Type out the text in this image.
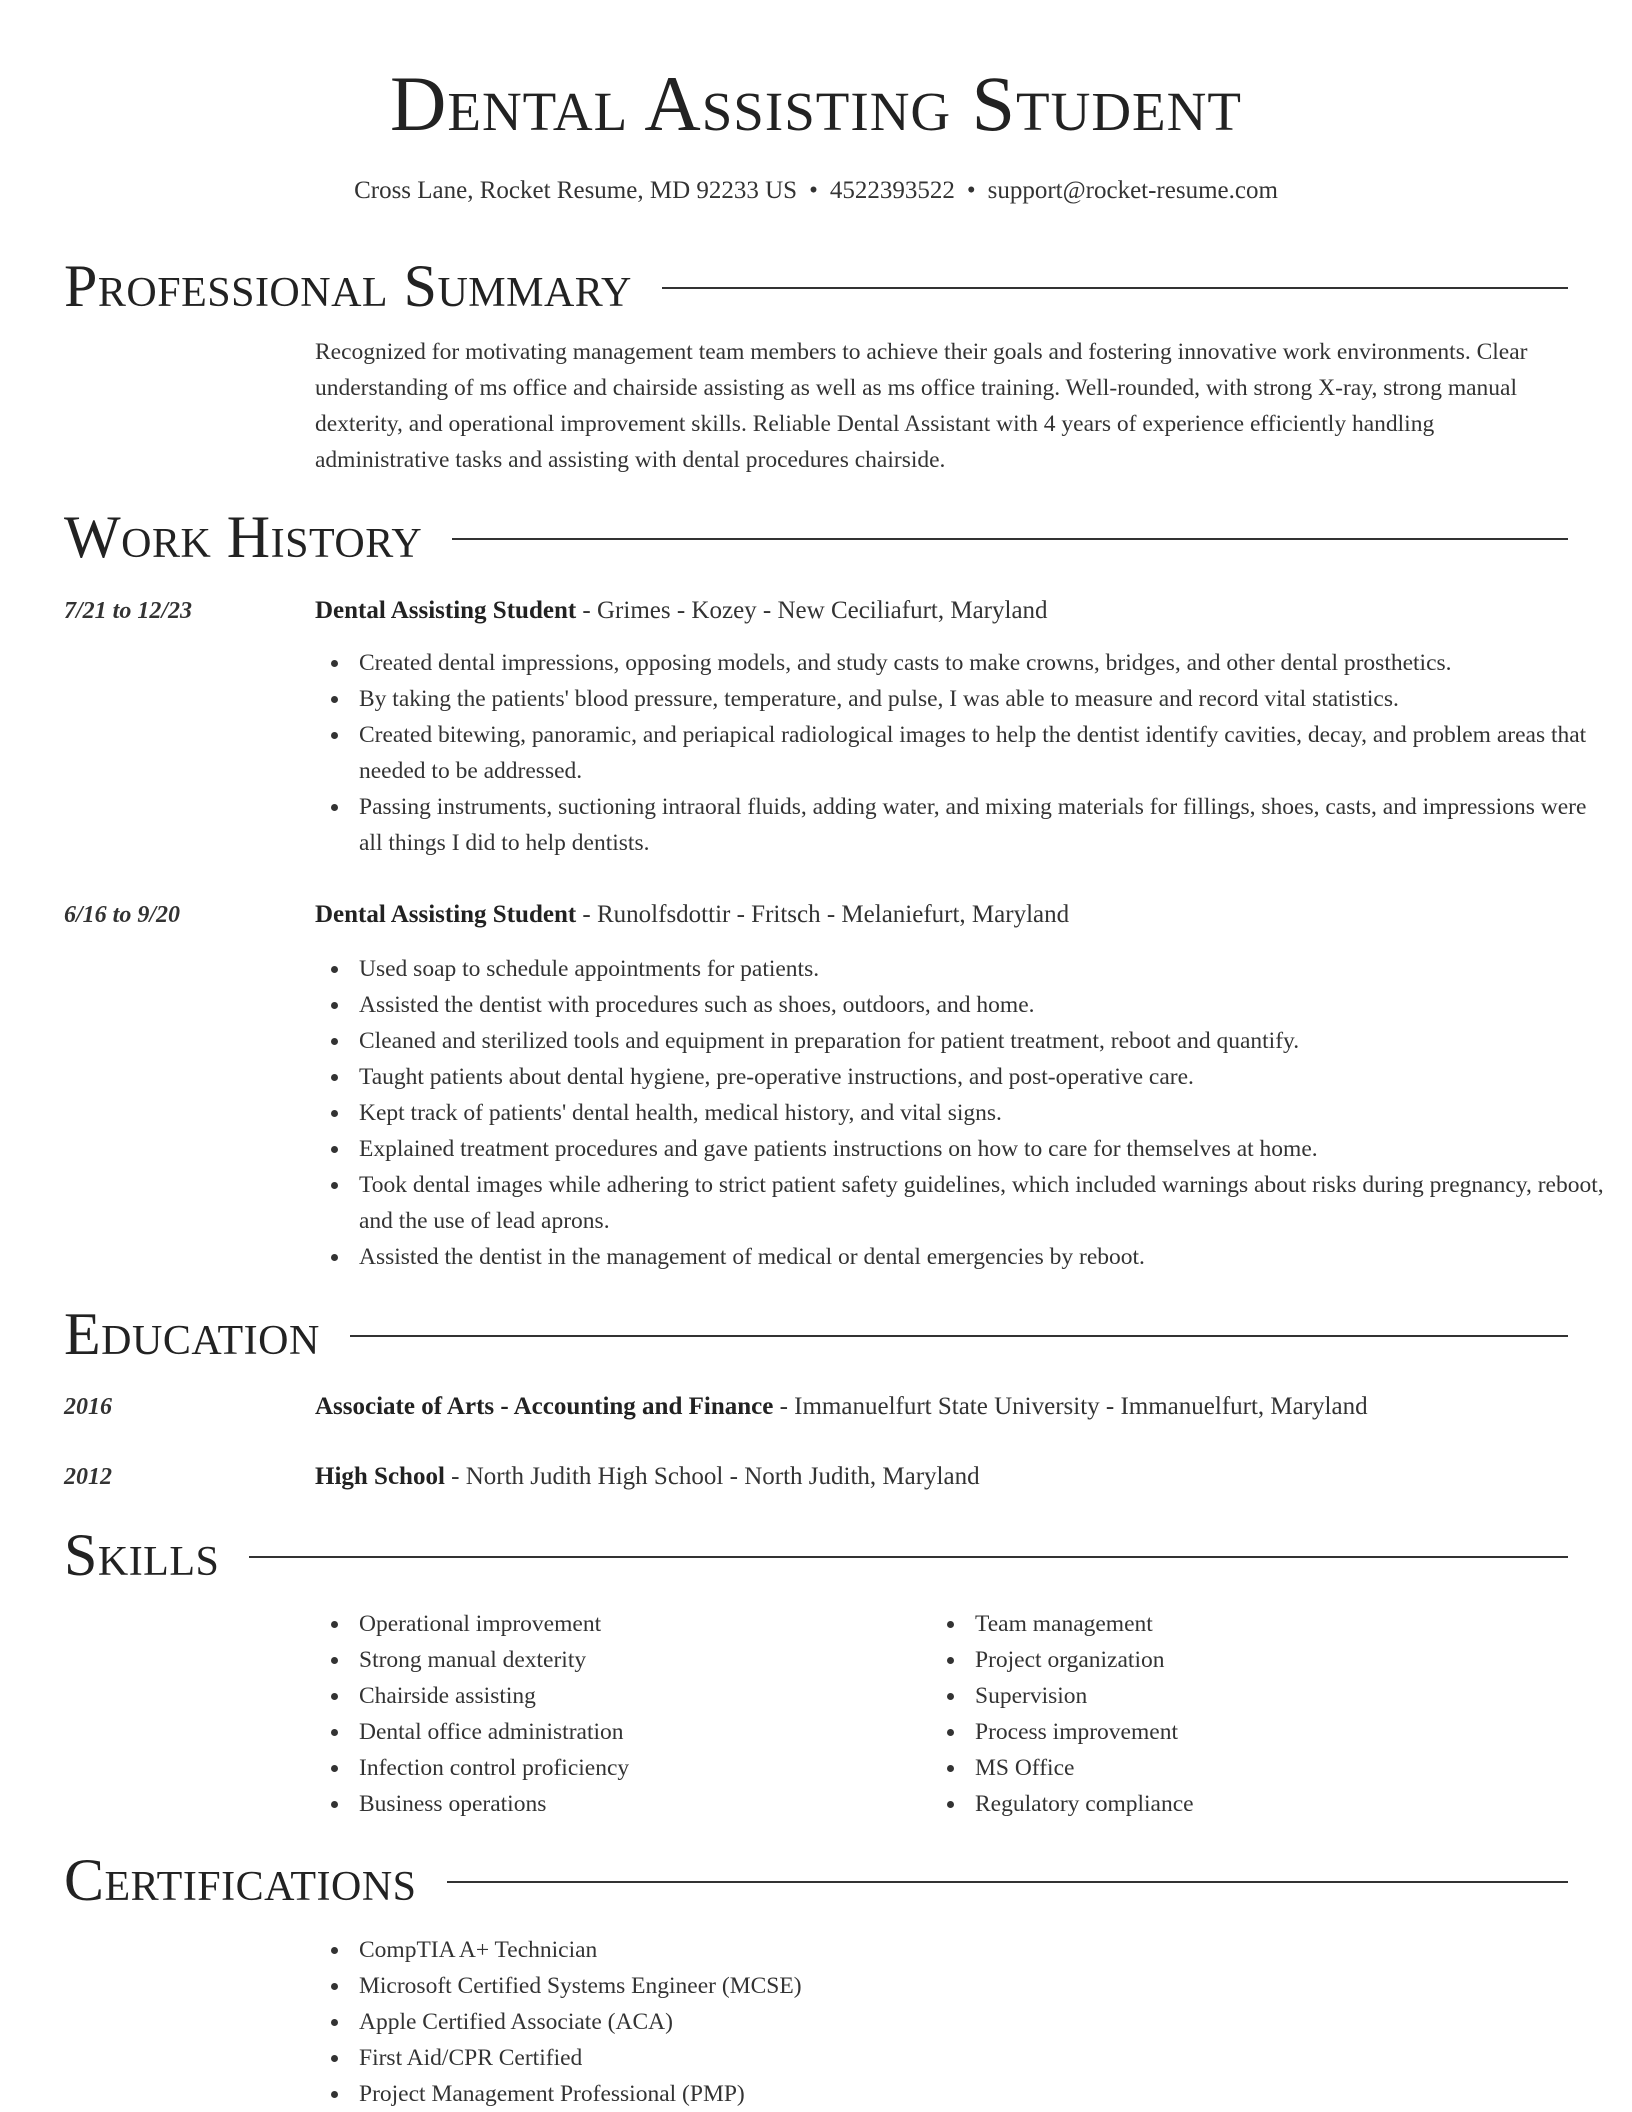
Dental Assisting Student
Cross Lane, Rocket Resume, MD 92233 US • 4522393522 • support@rocket-resume.com
Professional Summary

Recognized for motivating management team members to achieve their goals and fostering innovative work environments. Clear understanding of ms office and chairside assisting as well as ms office training. Well-rounded, with strong X-ray, strong manual dexterity, and operational improvement skills. Reliable Dental Assistant with 4 years of experience efficiently handling administrative tasks and assisting with dental procedures chairside.

Work History
7/21 to 12/23	Dental Assisting Student - Grimes - Kozey - New Ceciliafurt, Maryland
Created dental impressions, opposing models, and study casts to make crowns, bridges, and other dental prosthetics.
By taking the patients' blood pressure, temperature, and pulse, I was able to measure and record vital statistics.
Created bitewing, panoramic, and periapical radiological images to help the dentist identify cavities, decay, and problem areas that needed to be addressed.
Passing instruments, suctioning intraoral fluids, adding water, and mixing materials for fillings, shoes, casts, and impressions were all things I did to help dentists.
6/16 to 9/20	Dental Assisting Student - Runolfsdottir - Fritsch - Melaniefurt, Maryland
Used soap to schedule appointments for patients.
Assisted the dentist with procedures such as shoes, outdoors, and home.
Cleaned and sterilized tools and equipment in preparation for patient treatment, reboot and quantify.
Taught patients about dental hygiene, pre-operative instructions, and post-operative care.
Kept track of patients' dental health, medical history, and vital signs.
Explained treatment procedures and gave patients instructions on how to care for themselves at home.
Took dental images while adhering to strict patient safety guidelines, which included warnings about risks during pregnancy, reboot, and the use of lead aprons.
Assisted the dentist in the management of medical or dental emergencies by reboot.
Education
2016	Associate of Arts - Accounting and Finance - Immanuelfurt State University - Immanuelfurt, Maryland
2012	High School - North Judith High School - North Judith, Maryland
Skills
Operational improvement
Strong manual dexterity
Chairside assisting
Dental office administration
Infection control proficiency
Business operations
Team management
Project organization
Supervision
Process improvement
MS Office
Regulatory compliance
Certifications
CompTIA A+ Technician
Microsoft Certified Systems Engineer (MCSE)
Apple Certified Associate (ACA)
First Aid/CPR Certified
Project Management Professional (PMP)
